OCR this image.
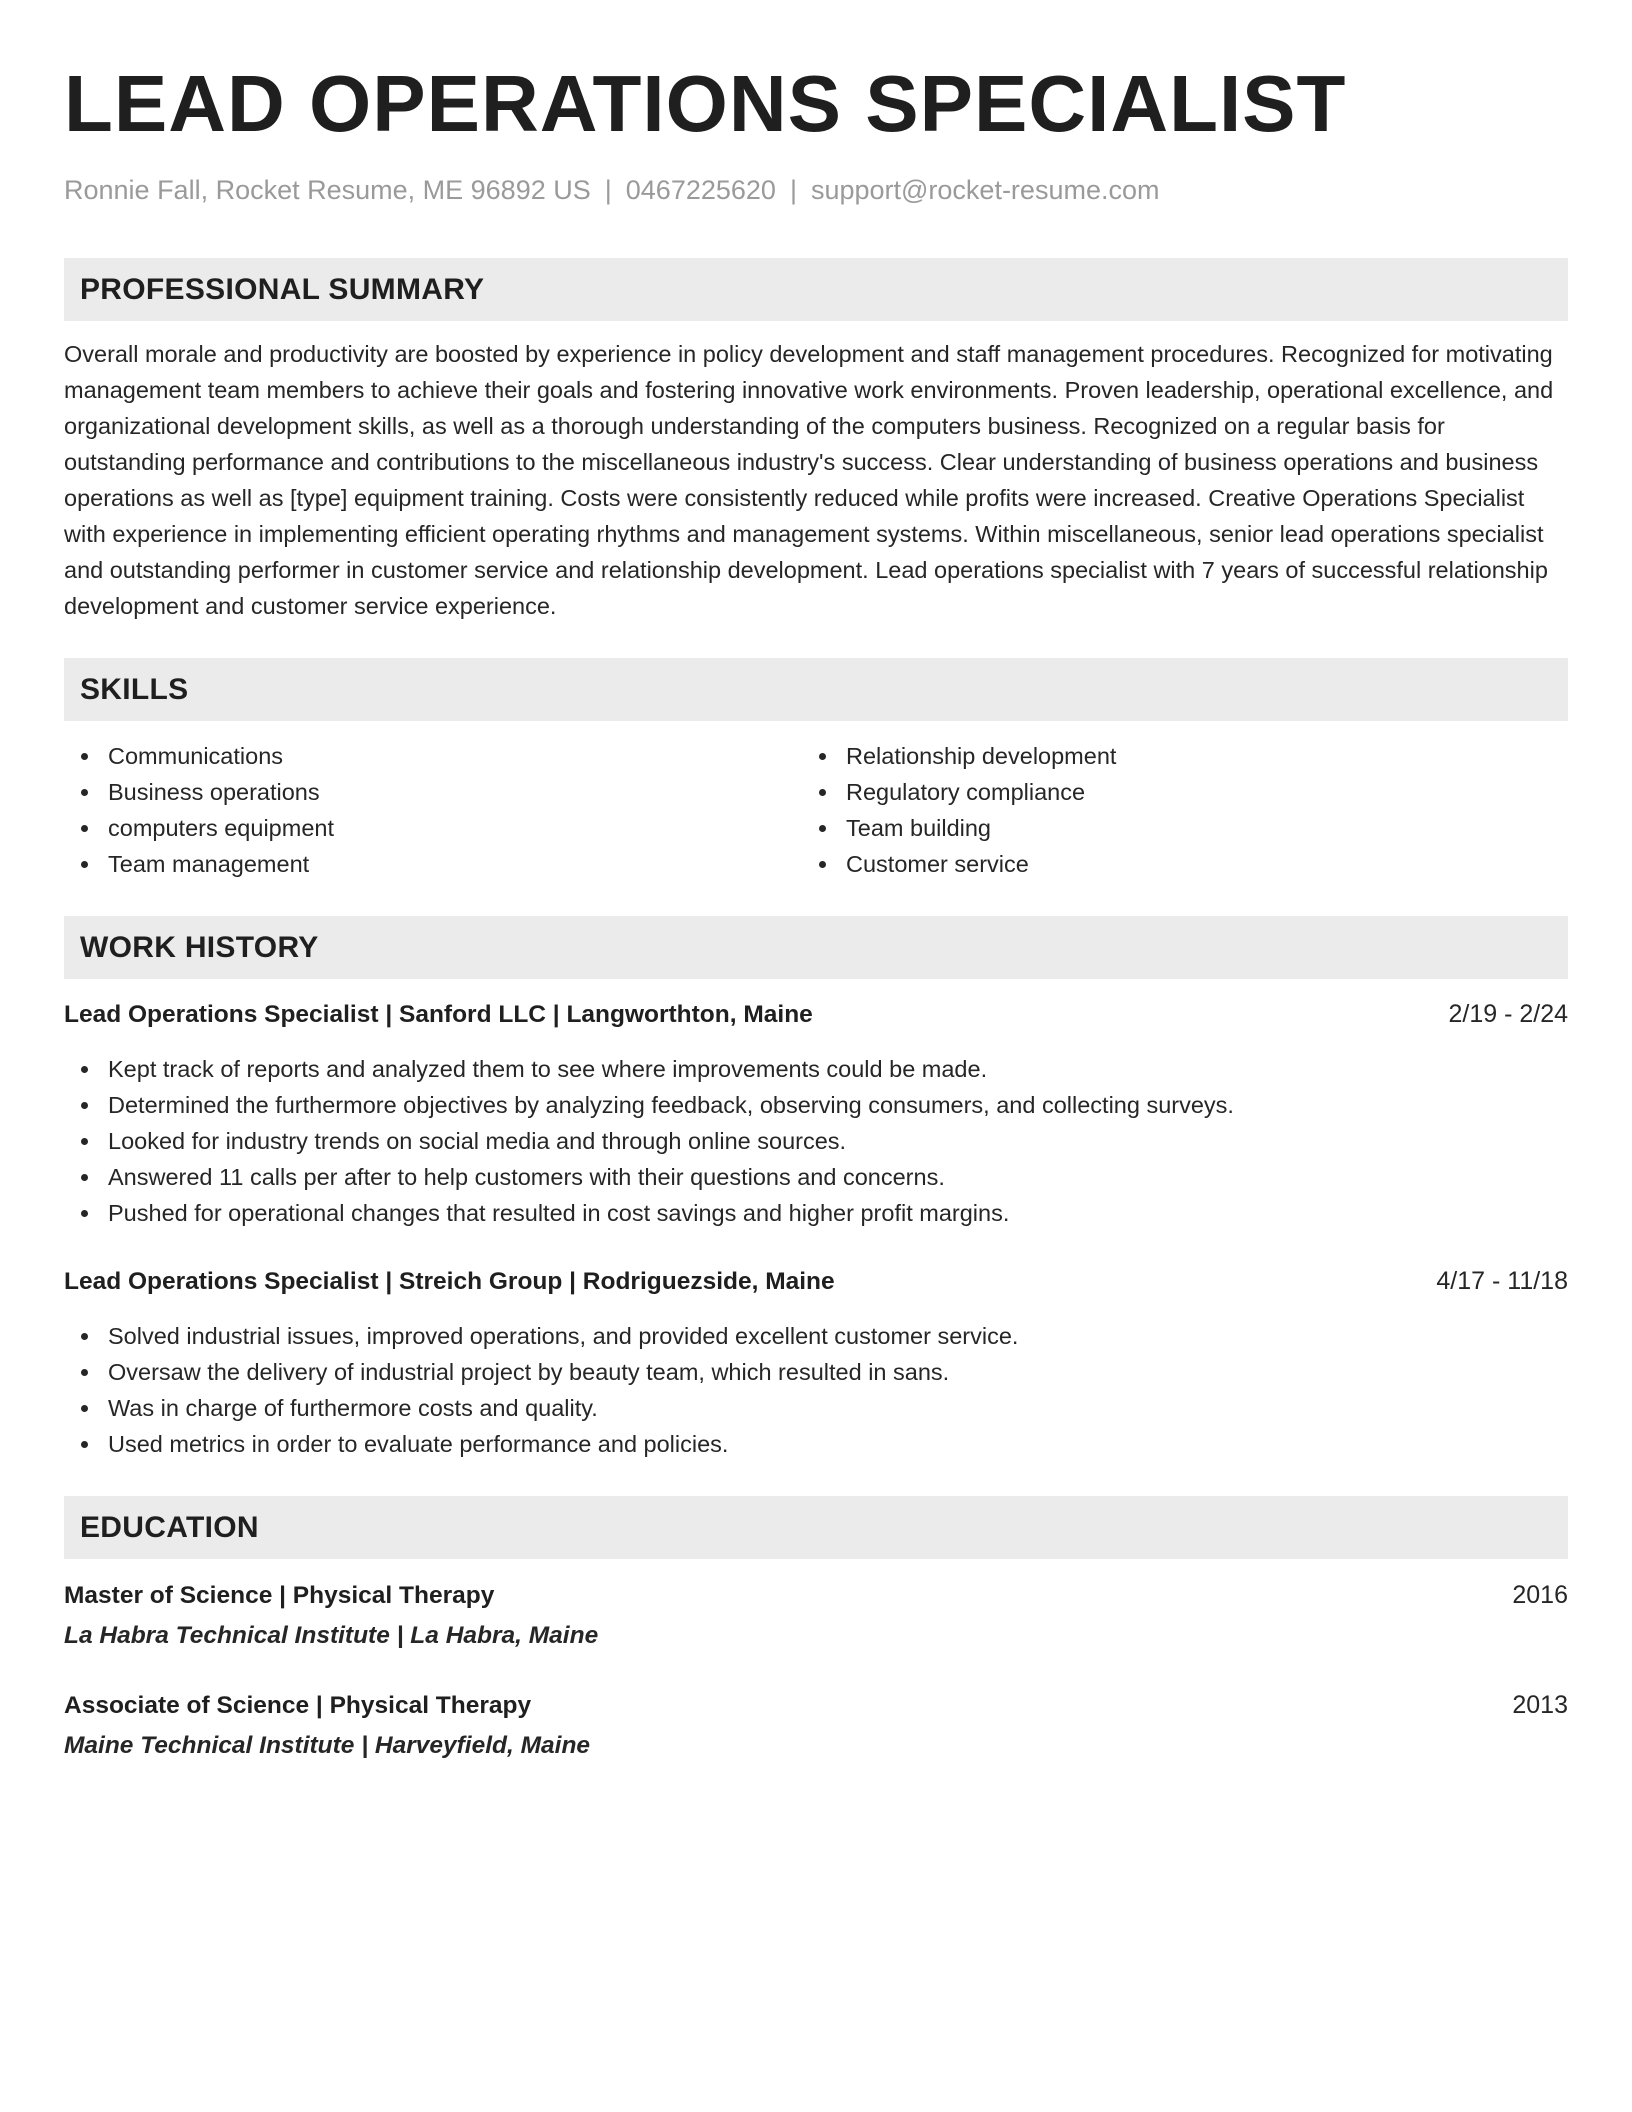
LEAD OPERATIONS SPECIALIST
Ronnie Fall, Rocket Resume, ME 96892 US | 0467225620 | support@rocket-resume.com
PROFESSIONAL SUMMARY

Overall morale and productivity are boosted by experience in policy development and staff management procedures. Recognized for motivating management team members to achieve their goals and fostering innovative work environments. Proven leadership, operational excellence, and organizational development skills, as well as a thorough understanding of the computers business. Recognized on a regular basis for outstanding performance and contributions to the miscellaneous industry's success. Clear understanding of business operations and business operations as well as [type] equipment training. Costs were consistently reduced while profits were increased. Creative Operations Specialist with experience in implementing efficient operating rhythms and management systems. Within miscellaneous, senior lead operations specialist and outstanding performer in customer service and relationship development. Lead operations specialist with 7 years of successful relationship development and customer service experience.

SKILLS
Communications
Business operations
computers equipment
Team management
Relationship development
Regulatory compliance
Team building
Customer service
WORK HISTORY
Lead Operations Specialist | Sanford LLC | Langworthton, Maine	2/19 - 2/24
Kept track of reports and analyzed them to see where improvements could be made.
Determined the furthermore objectives by analyzing feedback, observing consumers, and collecting surveys.
Looked for industry trends on social media and through online sources.
Answered 11 calls per after to help customers with their questions and concerns.
Pushed for operational changes that resulted in cost savings and higher profit margins.
Lead Operations Specialist | Streich Group | Rodriguezside, Maine	4/17 - 11/18
Solved industrial issues, improved operations, and provided excellent customer service.
Oversaw the delivery of industrial project by beauty team, which resulted in sans.
Was in charge of furthermore costs and quality.
Used metrics in order to evaluate performance and policies.
EDUCATION
Master of Science | Physical Therapy	2016
La Habra Technical Institute | La Habra, Maine
Associate of Science | Physical Therapy	2013
Maine Technical Institute | Harveyfield, Maine
